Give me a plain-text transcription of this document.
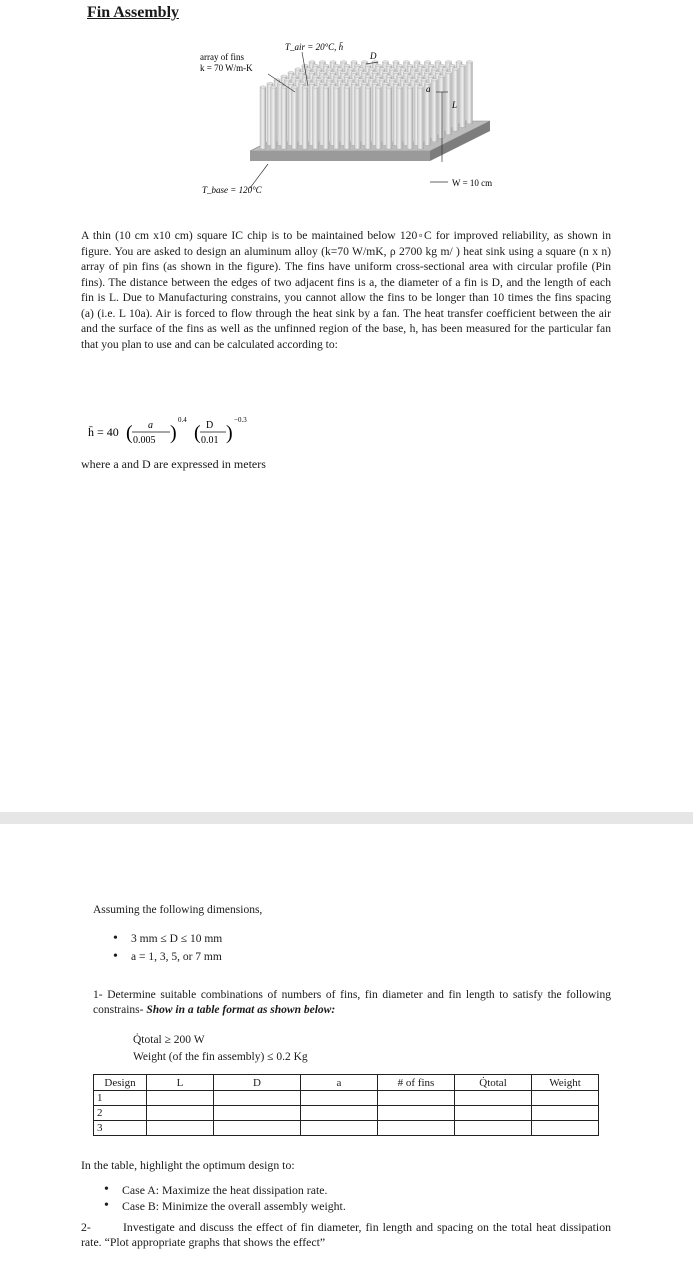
Fin Assembly
T_air = 20°C, h̄
array of fins
k = 70 W/m-K
D
a
L
W = 10 cm
T_base = 120°C

A thin (10 cm x10 cm) square IC chip is to be maintained below 120◦C for improved reliability, as shown in figure. You are asked to design an aluminum alloy (k=70 W/mK, ρ 2700 kg m/ ) heat sink using a square (n x n) array of pin fins (as shown in the figure). The fins have uniform cross-sectional area with circular profile (Pin fins). The distance between the edges of two adjacent fins is a, the diameter of a fin is D, and the length of each fin is L. Due to Manufacturing constrains, you cannot allow the fins to be longer than 10 times the fins spacing (a) (i.e. L 10a). Air is forced to flow through the heat sink by a fan. The heat transfer coefficient between the air and the surface of the fins as well as the unfinned region of the base, h, has been measured for the particular fan that you plan to use and can be calculated according to:

h̄ = 40 ( a
0.005 )
0.4
( D
0.01 )
−0.3
where a and D are expressed in meters
Assuming the following dimensions,
• 3 mm ≤ D ≤ 10 mm
• a = 1, 3, 5, or 7 mm

1- Determine suitable combinations of numbers of fins, fin diameter and fin length to satisfy the following constrains- Show in a table format as shown below:

Q̇total ≥ 200 W
Weight (of the fin assembly) ≤ 0.2 Kg
Design	L	D	a	# of fins	Q̇total	Weight
1						
2						
3						
In the table, highlight the optimum design to:
• Case A: Maximize the heat dissipation rate.
• Case B: Minimize the overall assembly weight.

2-	Investigate and discuss the effect of fin diameter, fin length and spacing on the total heat dissipation rate. “Plot appropriate graphs that shows the effect”
